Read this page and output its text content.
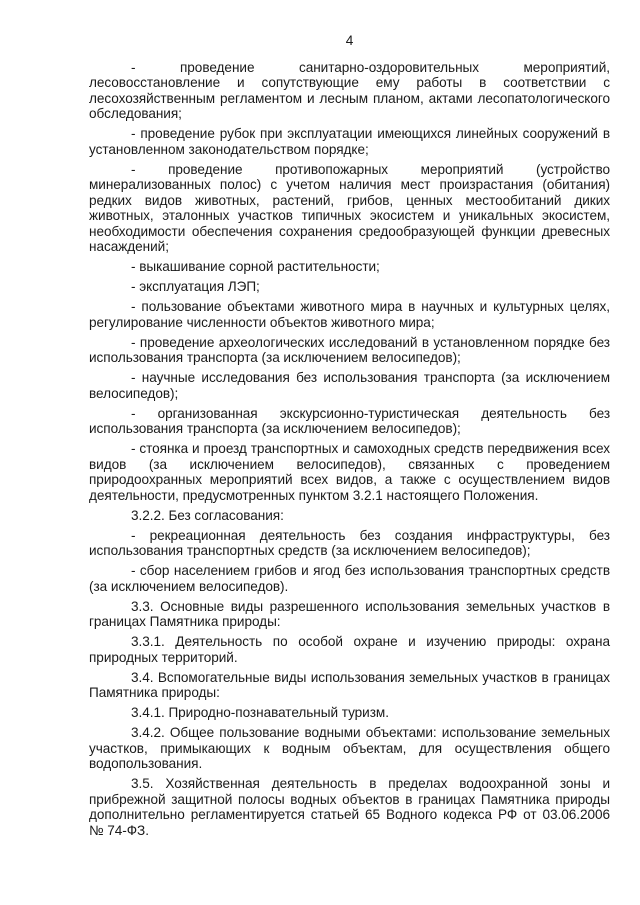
4

- проведение санитарно-оздоровительных мероприятий, лесовосстановление и сопутствующие ему работы в соответствии с лесохозяйственным регламентом и лесным планом, актами лесопатологического обследования;

- проведение рубок при эксплуатации имеющихся линейных сооружений в установленном законодательством порядке;

- проведение противопожарных мероприятий (устройство минерализованных полос) с учетом наличия мест произрастания (обитания) редких видов животных, растений, грибов, ценных местообитаний диких животных, эталонных участков типичных экосистем и уникальных экосистем, необходимости обеспечения сохранения средообразующей функции древесных насаждений;

- выкашивание сорной растительности;

- эксплуатация ЛЭП;

- пользование объектами животного мира в научных и культурных целях, регулирование численности объектов животного мира;

- проведение археологических исследований в установленном порядке без использования транспорта (за исключением велосипедов);

- научные исследования без использования транспорта (за исключением велосипедов);

- организованная экскурсионно-туристическая деятельность без использования транспорта (за исключением велосипедов);

- стоянка и проезд транспортных и самоходных средств передвижения всех видов (за исключением велосипедов), связанных с проведением природоохранных мероприятий всех видов, а также с осуществлением видов деятельности, предусмотренных пунктом 3.2.1 настоящего Положения.

3.2.2. Без согласования:

- рекреационная деятельность без создания инфраструктуры, без использования транспортных средств (за исключением велосипедов);

- сбор населением грибов и ягод без использования транспортных средств (за исключением велосипедов).

3.3. Основные виды разрешенного использования земельных участков в границах Памятника природы:

3.3.1. Деятельность по особой охране и изучению природы: охрана природных территорий.

3.4. Вспомогательные виды использования земельных участков в границах Памятника природы:

3.4.1. Природно-познавательный туризм.

3.4.2. Общее пользование водными объектами: использование земельных участков, примыкающих к водным объектам, для осуществления общего водопользования.

3.5. Хозяйственная деятельность в пределах водоохранной зоны и прибрежной защитной полосы водных объектов в границах Памятника природы дополнительно регламентируется статьей 65 Водного кодекса РФ от 03.06.2006 № 74-ФЗ.
